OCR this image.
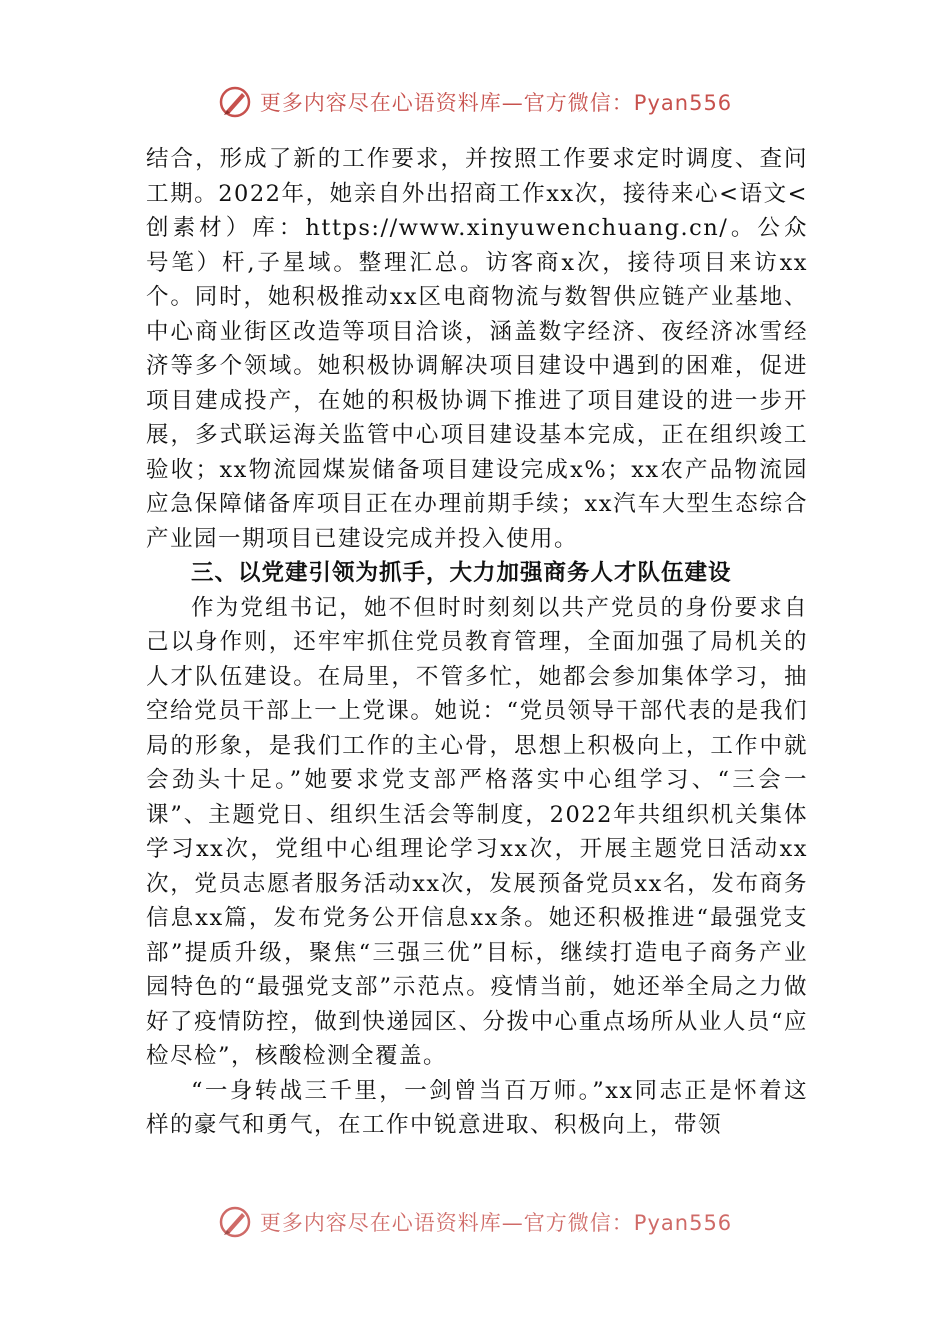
更多内容尽在心语资料库—官方微信：Pyan556

结合，形成了新的工作要求，并按照工作要求定时调度、查问工期。2022年，她亲自外出招商工作xx次，接待来心<语文<创素材）库：https://www.xinyuwenchuang.cn/。公众号笔）杆,子星域。整理汇总。访客商x次，接待项目来访xx个。同时，她积极推动xx区电商物流与数智供应链产业基地、中心商业街区改造等项目洽谈，涵盖数字经济、夜经济冰雪经济等多个领域。她积极协调解决项目建设中遇到的困难，促进项目建成投产，在她的积极协调下推进了项目建设的进一步开展，多式联运海关监管中心项目建设基本完成，正在组织竣工验收；xx物流园煤炭储备项目建设完成x%；xx农产品物流园应急保障储备库项目正在办理前期手续；xx汽车大型生态综合产业园一期项目已建设完成并投入使用。

三、以党建引领为抓手，大力加强商务人才队伍建设

作为党组书记，她不但时时刻刻以共产党员的身份要求自己以身作则，还牢牢抓住党员教育管理，全面加强了局机关的人才队伍建设。在局里，不管多忙，她都会参加集体学习，抽空给党员干部上一上党课。她说：“党员领导干部代表的是我们局的形象，是我们工作的主心骨，思想上积极向上，工作中就会劲头十足。”她要求党支部严格落实中心组学习、“三会一课”、主题党日、组织生活会等制度，2022年共组织机关集体学习xx次，党组中心组理论学习xx次，开展主题党日活动xx次，党员志愿者服务活动xx次，发展预备党员xx名，发布商务信息xx篇，发布党务公开信息xx条。她还积极推进“最强党支部”提质升级，聚焦“三强三优”目标，继续打造电子商务产业园特色的“最强党支部”示范点。疫情当前，她还举全局之力做好了疫情防控，做到快递园区、分拨中心重点场所从业人员“应检尽检”，核酸检测全覆盖。

“一身转战三千里，一剑曾当百万师。”xx同志正是怀着这样的豪气和勇气，在工作中锐意进取、积极向上，带领

更多内容尽在心语资料库—官方微信：Pyan556
